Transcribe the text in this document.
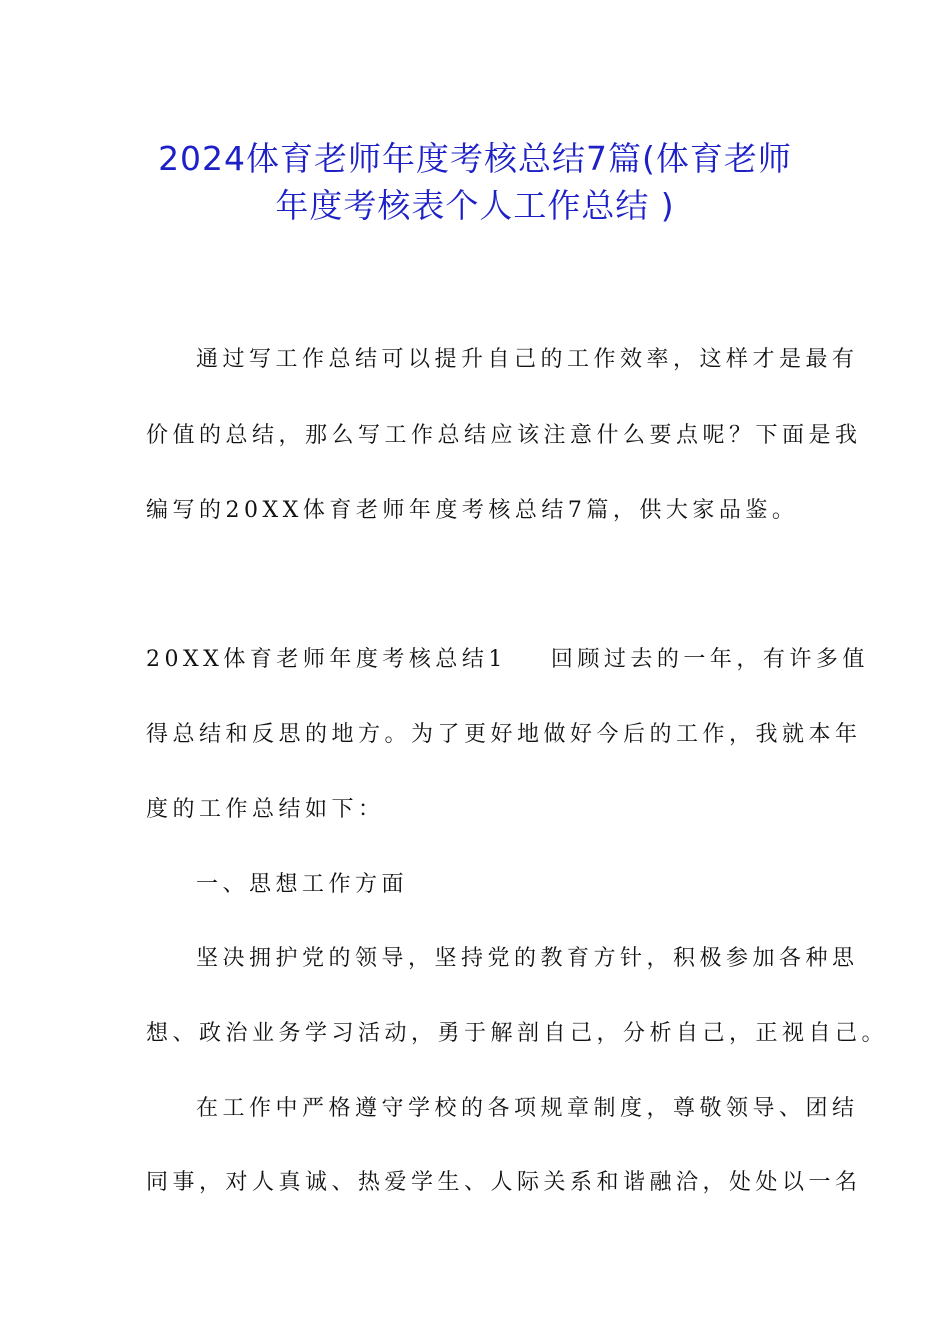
2024体育老师年度考核总结7篇(体育老师
年度考核表个人工作总结 )
通过写工作总结可以提升自己的工作效率，这样才是最有
价值的总结，那么写工作总结应该注意什么要点呢？下面是我
编写的20XX体育老师年度考核总结7篇，供大家品鉴。
20XX体育老师年度考核总结1 回顾过去的一年，有许多值
得总结和反思的地方。为了更好地做好今后的工作，我就本年
度的工作总结如下：
一、思想工作方面
坚决拥护党的领导，坚持党的教育方针，积极参加各种思
想、政治业务学习活动，勇于解剖自己，分析自己，正视自己。
在工作中严格遵守学校的各项规章制度，尊敬领导、团结
同事，对人真诚、热爱学生、人际关系和谐融洽，处处以一名
